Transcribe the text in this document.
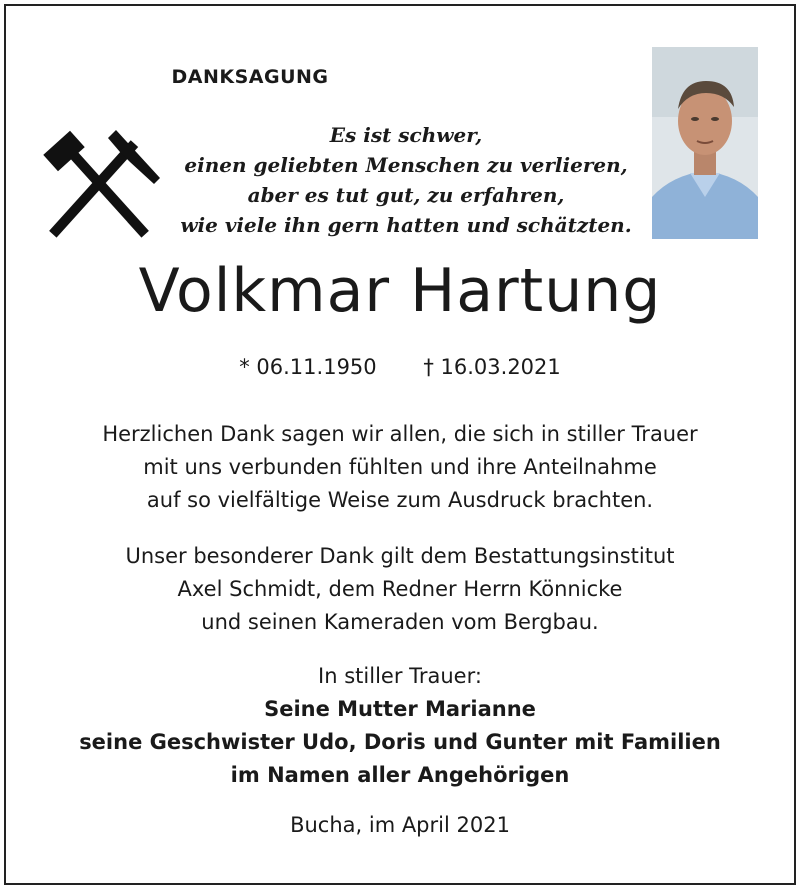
DANKSAGUNG
Es ist schwer,
einen geliebten Menschen zu verlieren,
aber es tut gut, zu erfahren,
wie viele ihn gern hatten und schätzten.
Volkmar Hartung
* 06.11.1950 † 16.03.2021
Herzlichen Dank sagen wir allen, die sich in stiller Trauer
mit uns verbunden fühlten und ihre Anteilnahme
auf so vielfältige Weise zum Ausdruck brachten.
Unser besonderer Dank gilt dem Bestattungsinstitut
Axel Schmidt, dem Redner Herrn Könnicke
und seinen Kameraden vom Bergbau.
In stiller Trauer:
Seine Mutter Marianne
seine Geschwister Udo, Doris und Gunter mit Familien
im Namen aller Angehörigen
Bucha, im April 2021
